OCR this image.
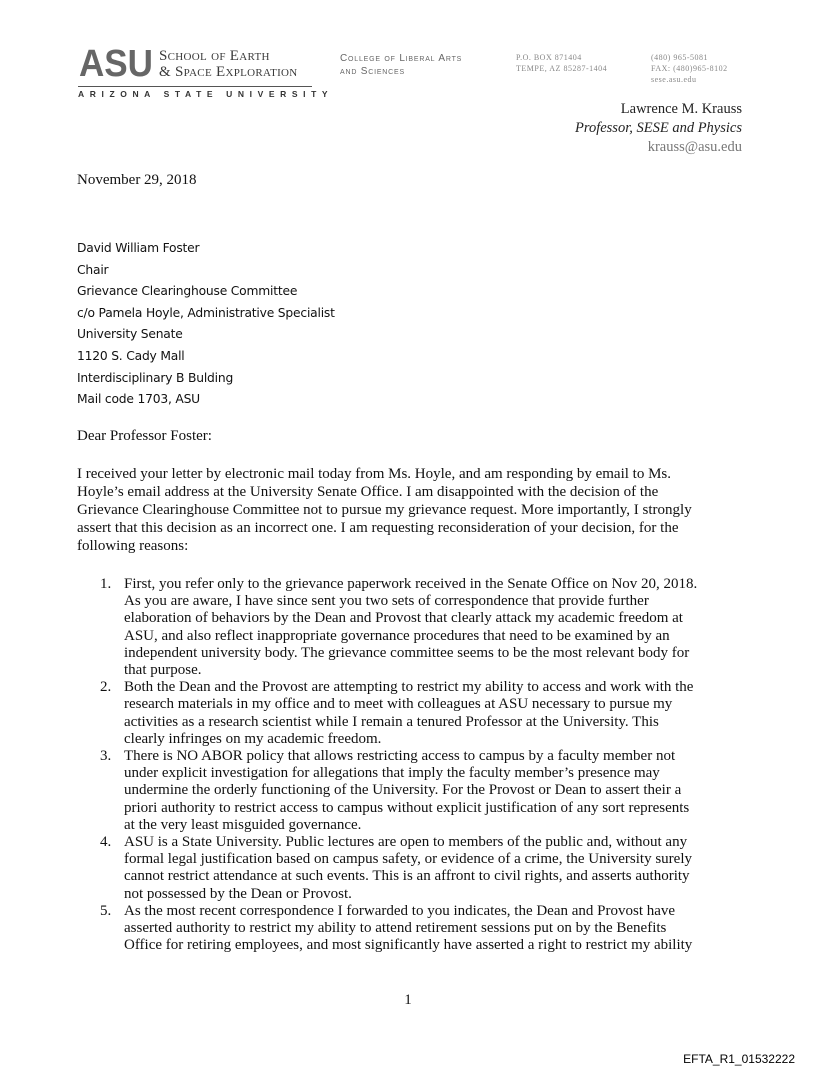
ASU School of Earth
& Space Exploration
ARIZONA STATE UNIVERSITY
College of Liberal Arts
and Sciences
P.O. BOX 871404
TEMPE, AZ 85287-1404
(480) 965-5081
FAX: (480)965-8102
sese.asu.edu
Lawrence M. Krauss
Professor, SESE and Physics
krauss@asu.edu
November 29, 2018
David William Foster
Chair
Grievance Clearinghouse Committee
c/o Pamela Hoyle, Administrative Specialist
University Senate
1120 S. Cady Mall
Interdisciplinary B Bulding
Mail code 1703, ASU
Dear Professor Foster:
I received your letter by electronic mail today from Ms. Hoyle, and am responding by email to Ms.
Hoyle’s email address at the University Senate Office. I am disappointed with the decision of the
Grievance Clearinghouse Committee not to pursue my grievance request. More importantly, I strongly
assert that this decision as an incorrect one. I am requesting reconsideration of your decision, for the
following reasons:
1. First, you refer only to the grievance paperwork received in the Senate Office on Nov 20, 2018.
As you are aware, I have since sent you two sets of correspondence that provide further
elaboration of behaviors by the Dean and Provost that clearly attack my academic freedom at
ASU, and also reflect inappropriate governance procedures that need to be examined by an
independent university body. The grievance committee seems to be the most relevant body for
that purpose.
2. Both the Dean and the Provost are attempting to restrict my ability to access and work with the
research materials in my office and to meet with colleagues at ASU necessary to pursue my
activities as a research scientist while I remain a tenured Professor at the University. This
clearly infringes on my academic freedom.
3. There is NO ABOR policy that allows restricting access to campus by a faculty member not
under explicit investigation for allegations that imply the faculty member’s presence may
undermine the orderly functioning of the University. For the Provost or Dean to assert their a
priori authority to restrict access to campus without explicit justification of any sort represents
at the very least misguided governance.
4. ASU is a State University. Public lectures are open to members of the public and, without any
formal legal justification based on campus safety, or evidence of a crime, the University surely
cannot restrict attendance at such events. This is an affront to civil rights, and asserts authority
not possessed by the Dean or Provost.
5. As the most recent correspondence I forwarded to you indicates, the Dean and Provost have
asserted authority to restrict my ability to attend retirement sessions put on by the Benefits
Office for retiring employees, and most significantly have asserted a right to restrict my ability
1
EFTA_R1_01532222
